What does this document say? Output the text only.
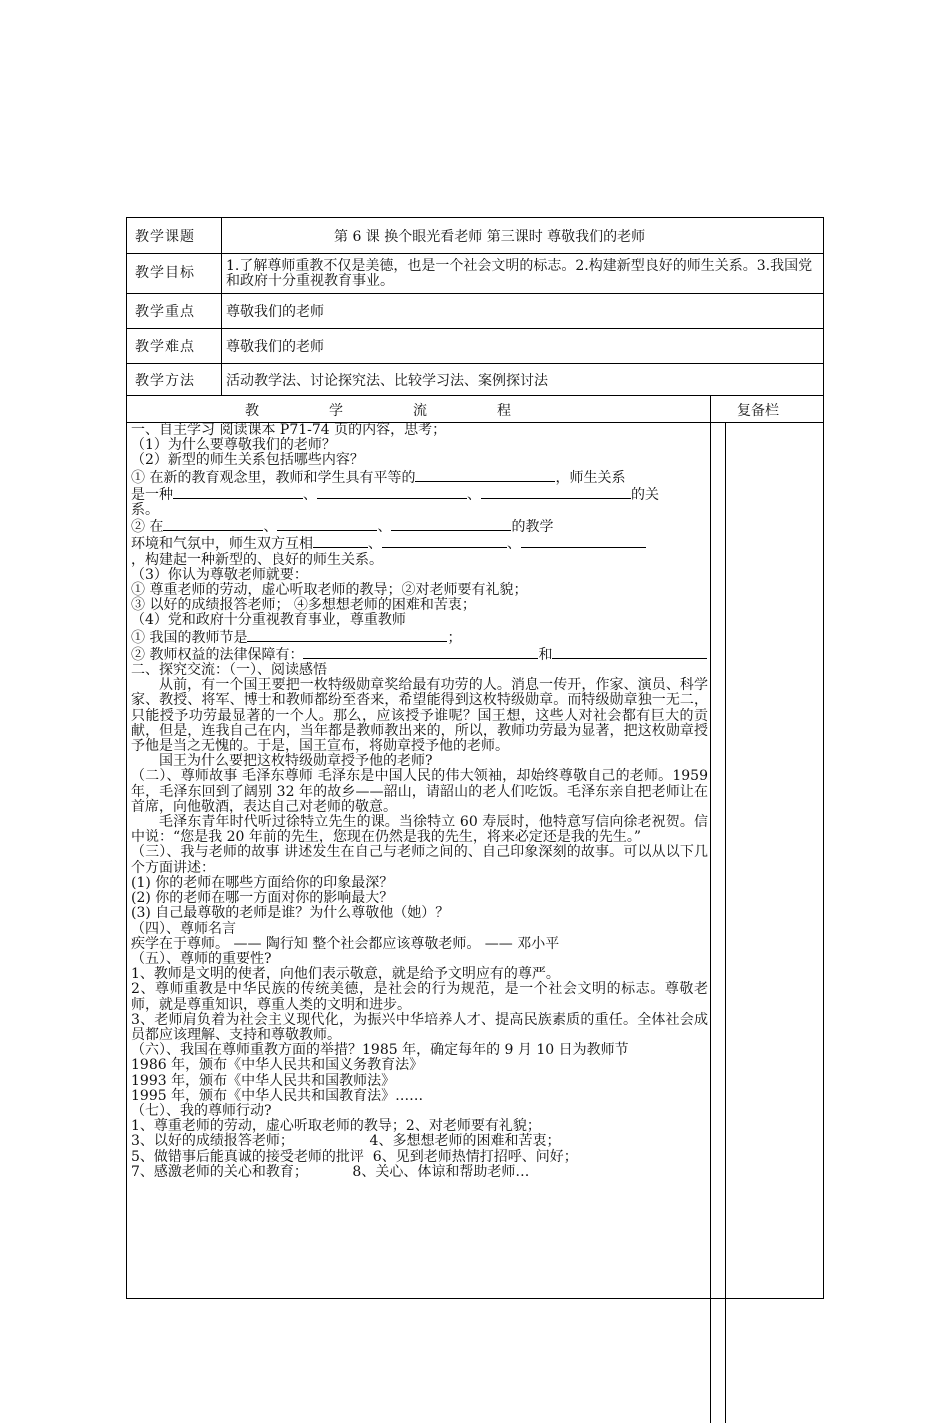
教学课题	第 6 课 换个眼光看老师 第三课时 尊敬我们的老师
教学目标	1.了解尊师重教不仅是美德，也是一个社会文明的标志。2.构建新型良好的师生关系。3.我国党和政府十分重视教育事业。
教学重点	尊敬我们的老师
教学难点	尊敬我们的老师
教学方法	活动教学法、讨论探究法、比较学习法、案例探讨法
教	学	流	程	复备栏
一、自主学习 阅读课本 P71-74 页的内容，思考；
（1）为什么要尊敬我们的老师？
（2）新型的师生关系包括哪些内容？
① 在新的教育观念里，教师和学生具有平等的	，师生关系
是一种	、	、	的关
系。
② 在	、	、	的教学
环境和气氛中，师生双方互相	、	、
，构建起一种新型的、良好的师生关系。
（3）你认为尊敬老师就要：
① 尊重老师的劳动，虚心听取老师的教导；②对老师要有礼貌；
③ 以好的成绩报答老师； ④多想想老师的困难和苦衷；
（4）党和政府十分重视教育事业，尊重教师
① 我国的教师节是	；
② 教师权益的法律保障有：	和
二、探究交流：（一）、阅读感悟
从前，有一个国王要把一枚特级勋章奖给最有功劳的人。消息一传开，作家、演员、科学家、教授、将军、博士和教师都纷至沓来，希望能得到这枚特级勋章。而特级勋章独一无二，只能授予功劳最显著的一个人。那么，应该授予谁呢？国王想，这些人对社会都有巨大的贡献，但是，连我自己在内，当年都是教师教出来的，所以，教师功劳最为显著，把这枚勋章授予他是当之无愧的。于是，国王宣布，将勋章授予他的老师。
国王为什么要把这枚特级勋章授予他的老师?
（二）、尊师故事 毛泽东尊师 毛泽东是中国人民的伟大领袖，却始终尊敬自己的老师。1959 年，毛泽东回到了阔别 32 年的故乡——韶山，请韶山的老人们吃饭。毛泽东亲自把老师让在首席，向他敬酒，表达自己对老师的敬意。
毛泽东青年时代听过徐特立先生的课。当徐特立 60 寿辰时，他特意写信向徐老祝贺。信中说：“您是我 20 年前的先生，您现在仍然是我的先生，将来必定还是我的先生。”
（三）、我与老师的故事 讲述发生在自己与老师之间的、自己印象深刻的故事。可以从以下几个方面讲述：
(1) 你的老师在哪些方面给你的印象最深？
(2) 你的老师在哪一方面对你的影响最大？
(3) 自己最尊敬的老师是谁？为什么尊敬他（她）？
（四）、尊师名言
疾学在于尊师。 —— 陶行知 整个社会都应该尊敬老师。 —— 邓小平
（五）、尊师的重要性?
1、教师是文明的使者，向他们表示敬意，就是给予文明应有的尊严。
2、尊师重教是中华民族的传统美德，是社会的行为规范，是一个社会文明的标志。尊敬老师，就是尊重知识，尊重人类的文明和进步。
3、老师肩负着为社会主义现代化，为振兴中华培养人才、提高民族素质的重任。全体社会成员都应该理解、支持和尊敬教师。
（六）、我国在尊师重教方面的举措？1985 年，确定每年的 9 月 10 日为教师节
1986 年，颁布《中华人民共和国义务教育法》
1993 年，颁布《中华人民共和国教师法》
1995 年，颁布《中华人民共和国教育法》……
（七）、我的尊师行动?
1、尊重老师的劳动，虚心听取老师的教导；2、对老师要有礼貌；
3、以好的成绩报答老师；                 4、多想想老师的困难和苦衷；
5、做错事后能真诚的接受老师的批评  6、见到老师热情打招呼、问好；
7、感激老师的关心和教育；          8、关心、体谅和帮助老师…
